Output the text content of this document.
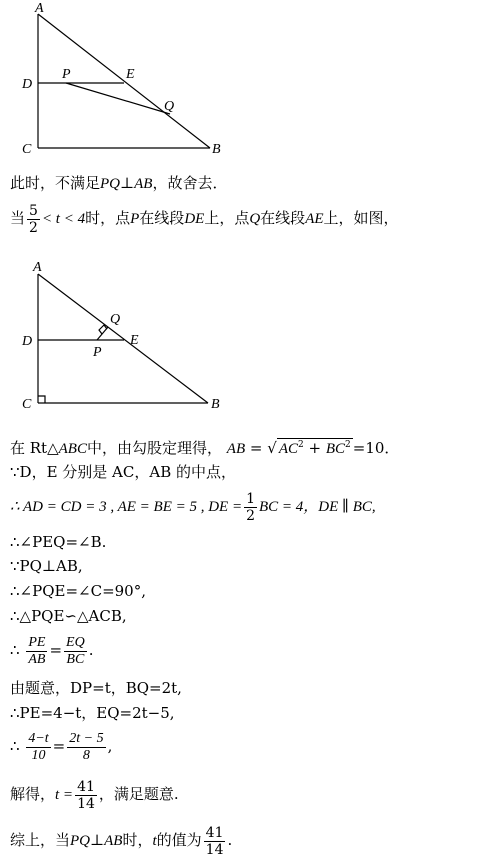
A
D
P	E
Q
C	B
此时，不满足PQ⊥AB，故舍去．
当 $\frac{5}{2} < t < 4$时，点P在线段DE上，点Q在线段AE上，如图，
A
Q
D	E
P
C	B
在 Rt△ABC中，由勾股定理得， AB = √ $AC^2 + BC^2 =10$．
∵D，E 分别是 AC，AB 的中点，
∴ AD = CD = 3 , AE = BE = 5 , DE = $\frac{1}{2}$ BC = 4，DE ∥ BC,
∴∠PEQ=∠B.
∵PQ⊥AB,
∴∠PQE=∠C=90°,
∴△PQE∽△ACB,
∴ $\frac{PE}{AB} = \frac{EQ}{BC}$ .
由题意，DP=t，BQ=2t,
∴PE=4−t，EQ=2t−5,
∴ $\frac{4-t}{10} = \frac{2t - 5}{8}$ ,
解得，$t = \frac{41}{14}$ ，满足题意.
综上，当PQ⊥AB时，t的值为 $\frac{41}{14}$ .
